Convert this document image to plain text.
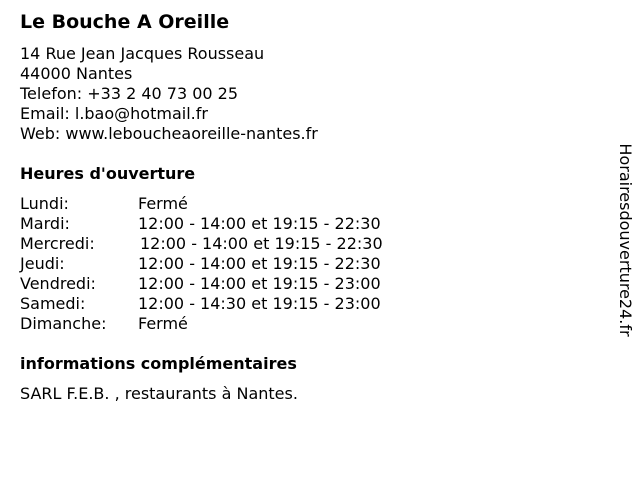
Le Bouche A Oreille
14 Rue Jean Jacques Rousseau
44000 Nantes
Telefon: +33 2 40 73 00 25
Email: l.bao@hotmail.fr
Web: www.leboucheaoreille-nantes.fr
Heures d'ouverture
Lundi:	Fermé
Mardi:	12:00 - 14:00 et 19:15 - 22:30
Mercredi:	12:00 - 14:00 et 19:15 - 22:30
Jeudi:	12:00 - 14:00 et 19:15 - 22:30
Vendredi:	12:00 - 14:00 et 19:15 - 23:00
Samedi:	12:00 - 14:30 et 19:15 - 23:00
Dimanche: Fermé
informations complémentaires
SARL F.E.B. , restaurants à Nantes.
Horairesdouverture24.fr
